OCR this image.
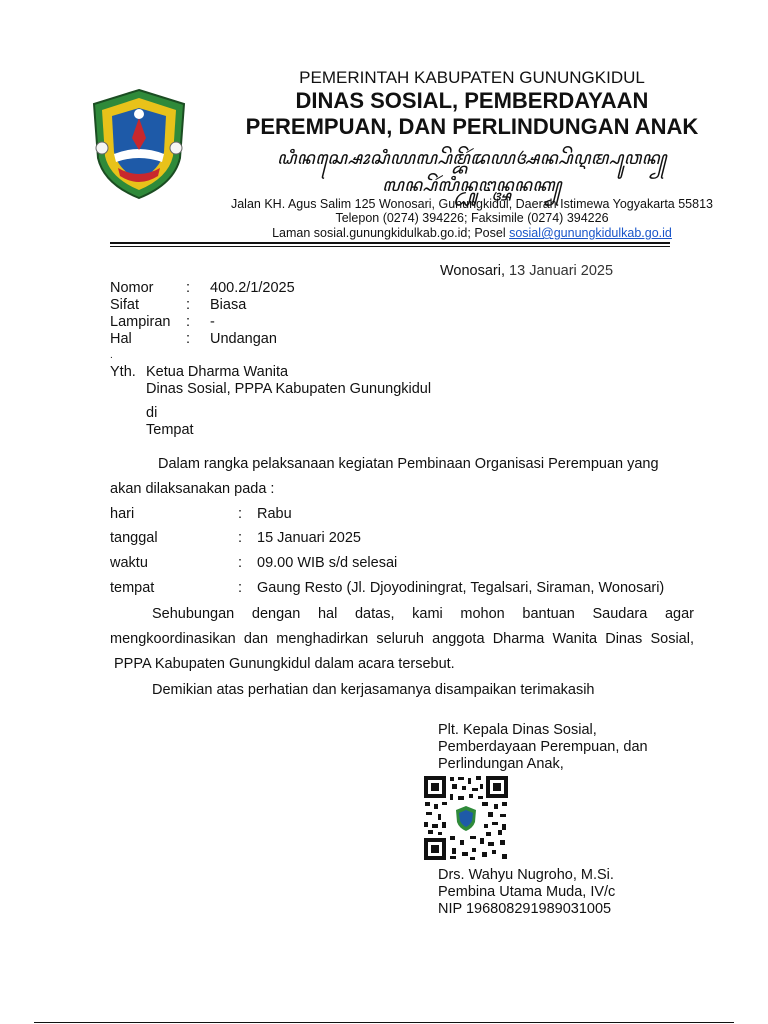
PEMERINTAH KABUPATEN GUNUNGKIDUL
DINAS SOSIAL, PEMBERDAYAAN
PEREMPUAN, DAN PERLINDUNGAN ANAK
ꦝꦶꦤꦱ꧀ꦱꦺꦴꦱꦶꦪꦭ꧀ꦥꦼꦩ꧀ꦧꦼꦂꦢꦪꦄꦤ꧀ꦥꦼꦉꦩ꧀ꦥꦸꦮꦤ꧀
ꦭꦤ꧀ꦥꦼꦂꦭꦶꦤ꧀ꦝꦸꦔꦤ꧀ꦄꦤꦏ꧀
Jalan KH. Agus Salim 125 Wonosari, Gunungkidul, Daerah Istimewa Yogyakarta 55813
Telepon (0274) 394226; Faksimile (0274) 394226
Laman sosial.gunungkidulkab.go.id; Posel sosial@gunungkidulkab.go.id
Wonosari, 13 Januari 2025
Nomor : 400.2/1/2025
Sifat	: Biasa
Lampiran : -
Hal	: Undangan
.
Yth. Ketua Dharma Wanita
Dinas Sosial, PPPA Kabupaten Gunungkidul
di
Tempat
Dalam rangka pelaksanaan kegiatan Pembinaan Organisasi Perempuan yang
akan dilaksanakan pada :
hari	: Rabu
tanggal	: 15 Januari 2025
waktu	: 09.00 WIB s/d selesai
tempat	: Gaung Resto (Jl. Djoyodiningrat, Tegalsari, Siraman, Wonosari)
Sehubungan dengan hal datas, kami mohon bantuan Saudara agar
mengkoordinasikan dan menghadirkan seluruh anggota Dharma Wanita Dinas Sosial,
PPPA Kabupaten Gunungkidul dalam acara tersebut.
Demikian atas perhatian dan kerjasamanya disampaikan terimakasih
Plt. Kepala Dinas Sosial,
Pemberdayaan Perempuan, dan
Perlindungan Anak,
Drs. Wahyu Nugroho, M.Si.
Pembina Utama Muda, IV/c
NIP 196808291989031005
